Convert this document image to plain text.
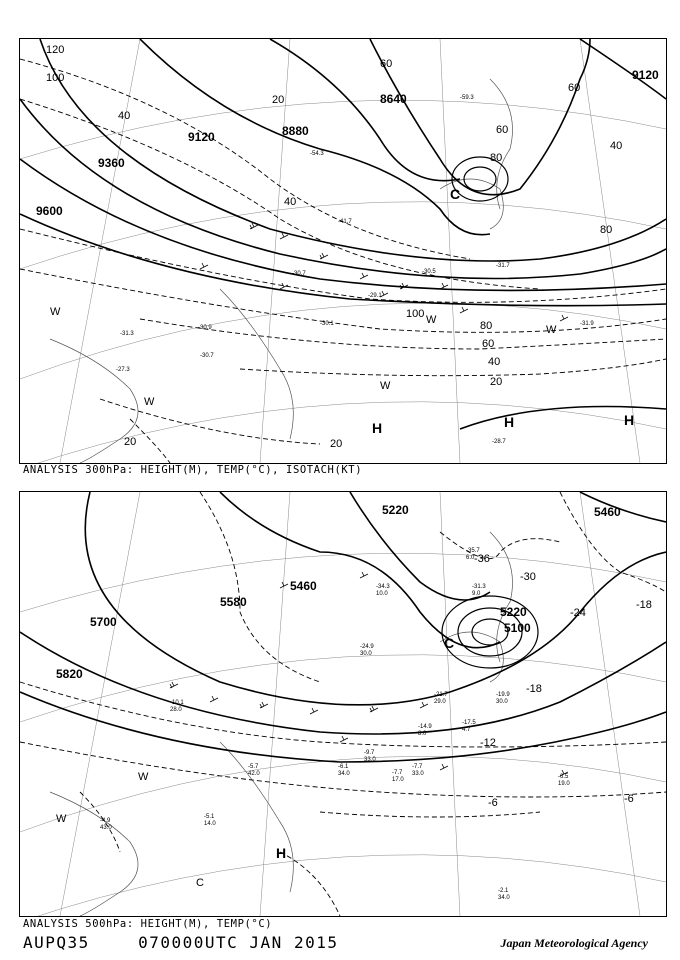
8640
8880
9120
9360
9600
9120
120
100
40
60
80
20
40
60
80
100
80
60
40
20
20
40
60
20
C
H	H	H
W
W
W
W
W
-59.3
-54.3
-41.7
-31.7
-30.5
-30.7
-29.1
-31.9
-28.7
-30.1
-30.9
-31.3
-30.7
-27.3
ANALYSIS 300hPa: HEIGHT(M), TEMP(°C), ISOTACH(KT)
5220	5460
5700
5820
5580
5460
5220
5100
-36
-30
-24
-18
-18
-12
-6	-6
C
C
H
W
W
-35.7
6.0
-31.3
9.0
-34.3
10.0
-24.9
30.0
-21.7
29.0
-19.9
30.0
-17.5
4.7
-14.9
8.0
-9.7
33.0
-7.7
33.0
-7.7
17.0
-6.1
34.0	-6.5
19.0
-5.7
42.0
-5.1
14.0
-4.9
43.0
-2.1
34.0
-10.1
28.0
ANALYSIS 500hPa: HEIGHT(M), TEMP(°C)
AUPQ35	070000UTC JAN 2015	Japan Meteorological Agency
